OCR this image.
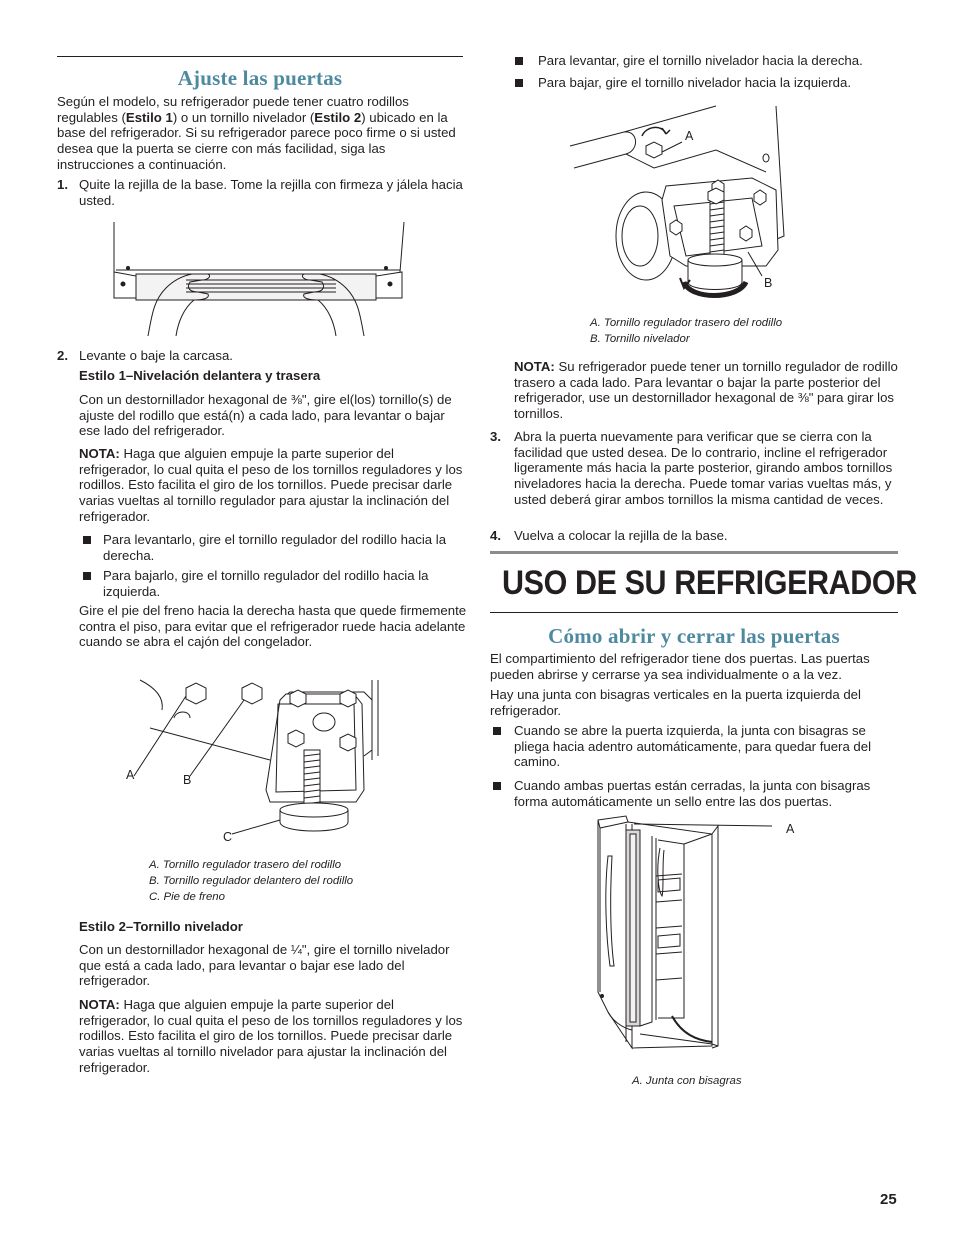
Ajuste las puertas

Según el modelo, su refrigerador puede tener cuatro rodillos regulables (Estilo 1) o un tornillo nivelador (Estilo 2) ubicado en la base del refrigerador. Si su refrigerador parece poco firme o si usted desea que la puerta se cierre con más facilidad, siga las instrucciones a continuación.

1. Quite la rejilla de la base. Tome la rejilla con firmeza y jálela hacia usted.

2. Levante o baje la carcasa.

Estilo 1–Nivelación delantera y trasera

Con un destornillador hexagonal de ⅜", gire el(los) tornillo(s) de ajuste del rodillo que está(n) a cada lado, para levantar o bajar ese lado del refrigerador.

NOTA: Haga que alguien empuje la parte superior del refrigerador, lo cual quita el peso de los tornillos reguladores y los rodillos. Esto facilita el giro de los tornillos. Puede precisar darle varias vueltas al tornillo regulador para ajustar la inclinación del refrigerador.

Para levantarlo, gire el tornillo regulador del rodillo hacia la derecha.

Para bajarlo, gire el tornillo regulador del rodillo hacia la izquierda.

Gire el pie del freno hacia la derecha hasta que quede firmemente contra el piso, para evitar que el refrigerador ruede hacia adelante cuando se abra el cajón del congelador.

A	B
C

A. Tornillo regulador trasero del rodillo

B. Tornillo regulador delantero del rodillo

C. Pie de freno

Estilo 2–Tornillo nivelador

Con un destornillador hexagonal de ¼", gire el tornillo nivelador que está a cada lado, para levantar o bajar ese lado del refrigerador.

NOTA: Haga que alguien empuje la parte superior del refrigerador, lo cual quita el peso de los tornillos reguladores y los rodillos. Esto facilita el giro de los tornillos. Puede precisar darle varias vueltas al tornillo nivelador para ajustar la inclinación del refrigerador.

Para levantar, gire el tornillo nivelador hacia la derecha.

Para bajar, gire el tornillo nivelador hacia la izquierda.

A
B

A. Tornillo regulador trasero del rodillo

B. Tornillo nivelador

NOTA: Su refrigerador puede tener un tornillo regulador de rodillo trasero a cada lado. Para levantar o bajar la parte posterior del refrigerador, use un destornillador hexagonal de ⅜" para girar los tornillos.

3. Abra la puerta nuevamente para verificar que se cierra con la facilidad que usted desea. De lo contrario, incline el refrigerador ligeramente más hacia la parte posterior, girando ambos tornillos niveladores hacia la derecha. Puede tomar varias vueltas más, y usted deberá girar ambos tornillos la misma cantidad de veces.

4. Vuelva a colocar la rejilla de la base.

USO DE SU REFRIGERADOR
Cómo abrir y cerrar las puertas

El compartimiento del refrigerador tiene dos puertas. Las puertas pueden abrirse y cerrarse ya sea individualmente o a la vez.

Hay una junta con bisagras verticales en la puerta izquierda del refrigerador.

Cuando se abre la puerta izquierda, la junta con bisagras se pliega hacia adentro automáticamente, para quedar fuera del camino.

Cuando ambas puertas están cerradas, la junta con bisagras forma automáticamente un sello entre las dos puertas.

A

A. Junta con bisagras

25
